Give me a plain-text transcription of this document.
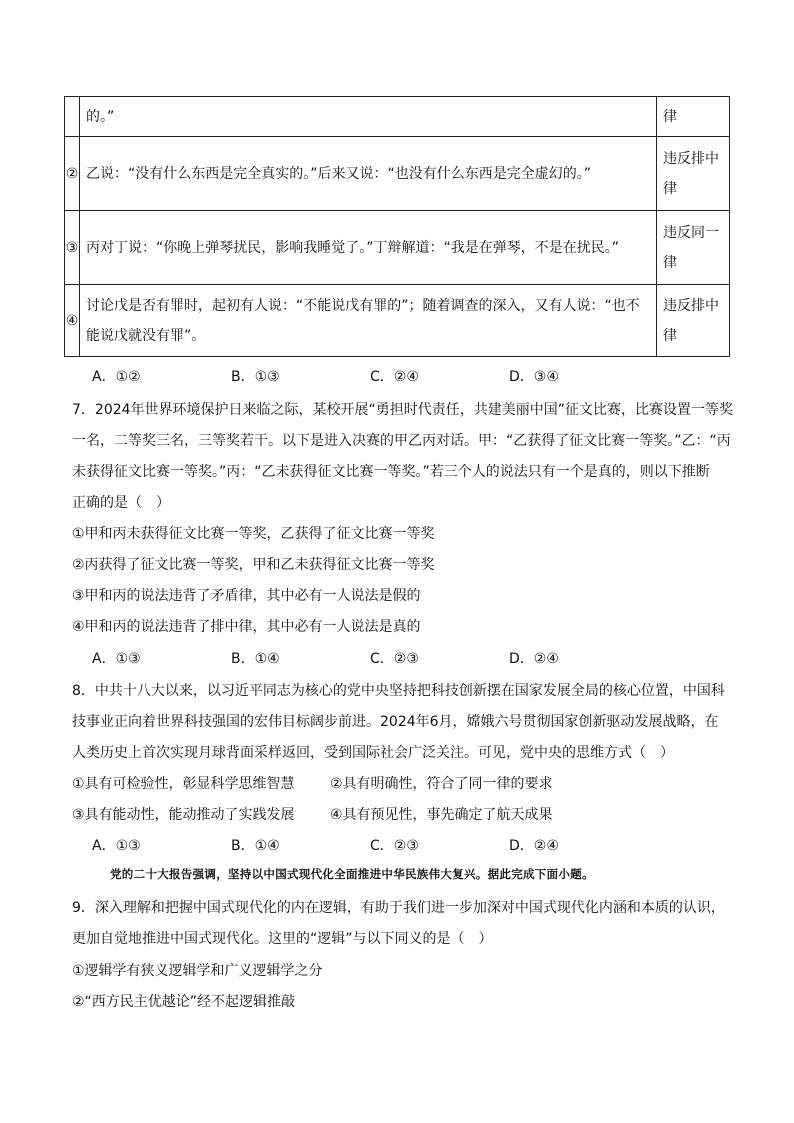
	的。”	律
②	乙说：“没有什么东西是完全真实的。”后来又说：“也没有什么东西是完全虚幻的。”	违反排中律
③	丙对丁说：“你晚上弹琴扰民，影响我睡觉了。”丁辩解道：“我是在弹琴，不是在扰民。”	违反同一律
④	讨论戊是否有罪时，起初有人说：“不能说戊有罪的”；随着调查的深入，又有人说：“也不能说戊就没有罪”。	违反排中律
A．①②	B．①③	C．②④	D．③④
7．2024年世界环境保护日来临之际，某校开展“勇担时代责任，共建美丽中国”征文比赛，比赛设置一等奖
一名，二等奖三名，三等奖若干。以下是进入决赛的甲乙丙对话。甲：“乙获得了征文比赛一等奖。”乙：“丙
未获得征文比赛一等奖。”丙：“乙未获得征文比赛一等奖。”若三个人的说法只有一个是真的，则以下推断
正确的是（　）
①甲和丙未获得征文比赛一等奖，乙获得了征文比赛一等奖
②丙获得了征文比赛一等奖，甲和乙未获得征文比赛一等奖
③甲和丙的说法违背了矛盾律，其中必有一人说法是假的
④甲和丙的说法违背了排中律，其中必有一人说法是真的
A．①③	B．①④	C．②③	D．②④
8．中共十八大以来，以习近平同志为核心的党中央坚持把科技创新摆在国家发展全局的核心位置，中国科
技事业正向着世界科技强国的宏伟目标阔步前进。2024年6月，嫦娥六号贯彻国家创新驱动发展战略，在
人类历史上首次实现月球背面采样返回，受到国际社会广泛关注。可见，党中央的思维方式（　）
①具有可检验性，彰显科学思维智慧	②具有明确性，符合了同一律的要求
③具有能动性，能动推动了实践发展	④具有预见性，事先确定了航天成果
A．①③	B．①④	C．②③	D．②④
党的二十大报告强调，坚持以中国式现代化全面推进中华民族伟大复兴。据此完成下面小题。
9．深入理解和把握中国式现代化的内在逻辑，有助于我们进一步加深对中国式现代化内涵和本质的认识，
更加自觉地推进中国式现代化。这里的“逻辑”与以下同义的是（　）
①逻辑学有狭义逻辑学和广义逻辑学之分
②“西方民主优越论”经不起逻辑推敲
